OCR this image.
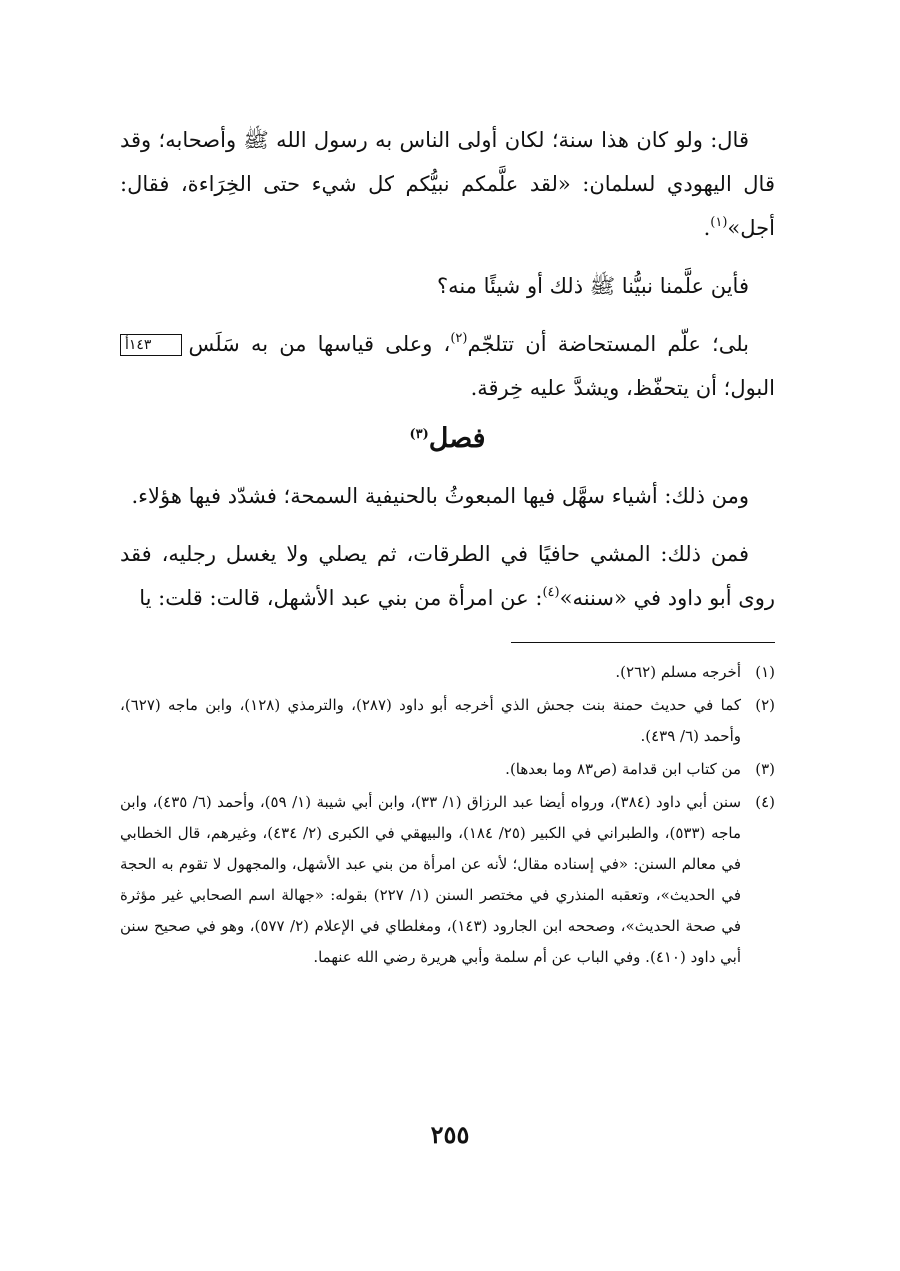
قال: ولو كان هذا سنة؛ لكان أولى الناس به رسول الله ﷺ وأصحابه؛ وقد قال اليهودي لسلمان: «لقد علَّمكم نبيُّكم كل شيء حتى الخِرَاءة، فقال: أجل»$^{(١)}$.

فأين علَّمنا نبيُّنا ﷺ ذلك أو شيئًا منه؟

بلى؛ علّم المستحاضة أن تتلجّم$^{(٢)}$، وعلى قياسها من به سَلَس١٤٣أ البول؛ أن يتحفّظ، ويشدَّ عليه خِرقة.

فصل$^{(٣)}$

ومن ذلك: أشياء سهَّل فيها المبعوثُ بالحنيفية السمحة؛ فشدّد فيها هؤلاء.

فمن ذلك: المشي حافيًا في الطرقات، ثم يصلي ولا يغسل رجليه، فقد روى أبو داود في «سننه»$^{(٤)}$: عن امرأة من بني عبد الأشهل، قالت: قلت: يا

(١)
أخرجه مسلم (٢٦٢).
(٢)
كما في حديث حمنة بنت جحش الذي أخرجه أبو داود (٢٨٧)، والترمذي (١٢٨)، وابن ماجه (٦٢٧)، وأحمد (٦/ ٤٣٩).
(٣)
من كتاب ابن قدامة (ص٨٣ وما بعدها).
(٤)
سنن أبي داود (٣٨٤)، ورواه أيضا عبد الرزاق (١/ ٣٣)، وابن أبي شيبة (١/ ٥٩)، وأحمد (٦/ ٤٣٥)، وابن ماجه (٥٣٣)، والطبراني في الكبير (٢٥/ ١٨٤)، والبيهقي في الكبرى (٢/ ٤٣٤)، وغيرهم، قال الخطابي في معالم السنن: «في إسناده مقال؛ لأنه عن امرأة من بني عبد الأشهل، والمجهول لا تقوم به الحجة في الحديث»، وتعقبه المنذري في مختصر السنن (١/ ٢٢٧) بقوله: «جهالة اسم الصحابي غير مؤثرة في صحة الحديث»، وصححه ابن الجارود (١٤٣)، ومغلطاي في الإعلام (٢/ ٥٧٧)، وهو في صحيح سنن أبي داود (٤١٠). وفي الباب عن أم سلمة وأبي هريرة رضي الله عنهما.
٢٥٥
